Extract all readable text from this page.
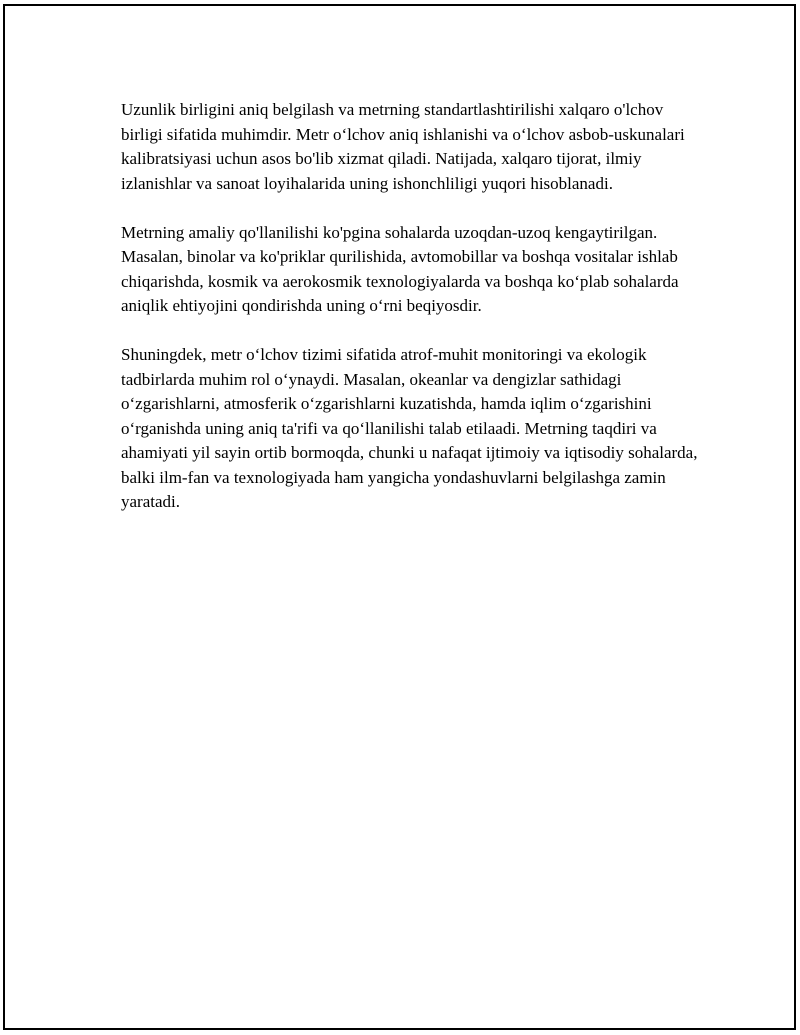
Uzunlik birligini aniq belgilash va metrning standartlashtirilishi xalqaro o'lchov birligi sifatida muhimdir. Metr o‘lchov aniq ishlanishi va o‘lchov asbob-uskunalari kalibratsiyasi uchun asos bo'lib xizmat qiladi. Natijada, xalqaro tijorat, ilmiy izlanishlar va sanoat loyihalarida uning ishonchliligi yuqori hisoblanadi.

Metrning amaliy qo'llanilishi ko'pgina sohalarda uzoqdan-uzoq kengaytirilgan. Masalan, binolar va ko'priklar qurilishida, avtomobillar va boshqa vositalar ishlab chiqarishda, kosmik va aerokosmik texnologiyalarda va boshqa ko‘plab sohalarda aniqlik ehtiyojini qondirishda uning o‘rni beqiyosdir.

Shuningdek, metr o‘lchov tizimi sifatida atrof-muhit monitoringi va ekologik tadbirlarda muhim rol o‘ynaydi. Masalan, okeanlar va dengizlar sathidagi o‘zgarishlarni, atmosferik o‘zgarishlarni kuzatishda, hamda iqlim o‘zgarishini o‘rganishda uning aniq ta'rifi va qo‘llanilishi talab etilaadi. Metrning taqdiri va ahamiyati yil sayin ortib bormoqda, chunki u nafaqat ijtimoiy va iqtisodiy sohalarda, balki ilm-fan va texnologiyada ham yangicha yondashuvlarni belgilashga zamin yaratadi.
